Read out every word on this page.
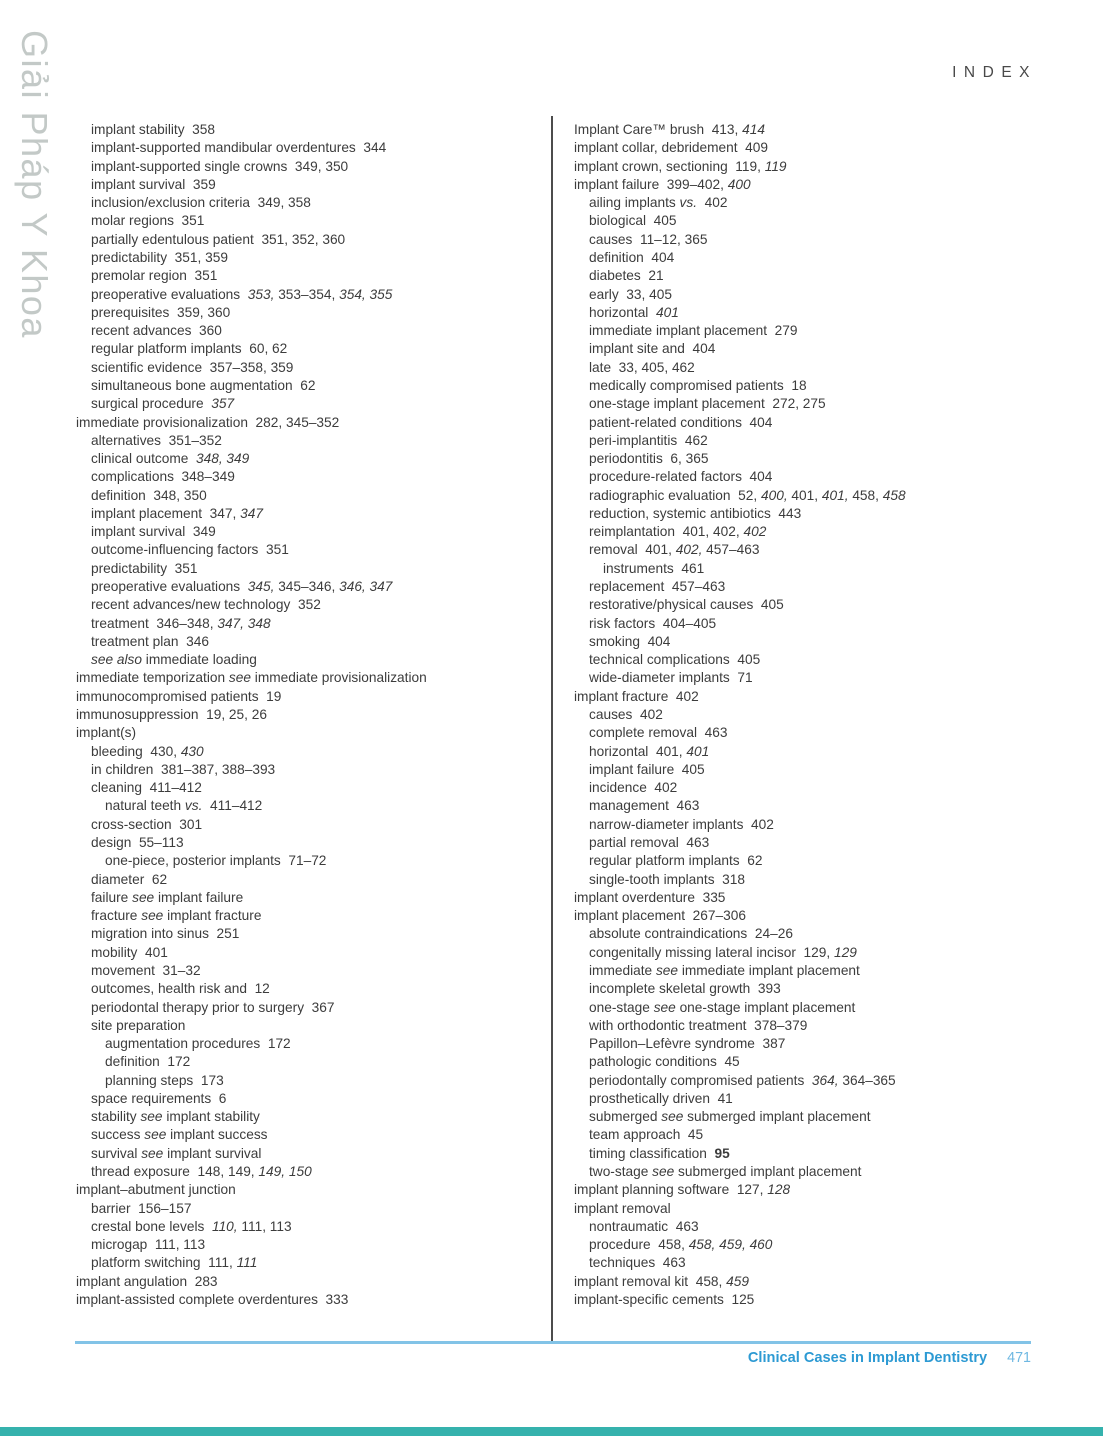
Giải Pháp Y Khoa	INDEX
implant stability  358
implant-supported mandibular overdentures  344
implant-supported single crowns  349, 350
implant survival  359
inclusion/exclusion criteria  349, 358
molar regions  351
partially edentulous patient  351, 352, 360
predictability  351, 359
premolar region  351
preoperative evaluations  353, 353–354, 354, 355
prerequisites  359, 360
recent advances  360
regular platform implants  60, 62
scientific evidence  357–358, 359
simultaneous bone augmentation  62
surgical procedure  357
immediate provisionalization  282, 345–352
alternatives  351–352
clinical outcome  348, 349
complications  348–349
definition  348, 350
implant placement  347, 347
implant survival  349
outcome-influencing factors  351
predictability  351
preoperative evaluations  345, 345–346, 346, 347
recent advances/new technology  352
treatment  346–348, 347, 348
treatment plan  346
see also immediate loading
immediate temporization see immediate provisionalization
immunocompromised patients  19
immunosuppression  19, 25, 26
implant(s)
bleeding  430, 430
in children  381–387, 388–393
cleaning  411–412
natural teeth vs.  411–412
cross-section  301
design  55–113
one-piece, posterior implants  71–72
diameter  62
failure see implant failure
fracture see implant fracture
migration into sinus  251
mobility  401
movement  31–32
outcomes, health risk and  12
periodontal therapy prior to surgery  367
site preparation
augmentation procedures  172
definition  172
planning steps  173
space requirements  6
stability see implant stability
success see implant success
survival see implant survival
thread exposure  148, 149, 149, 150
implant–abutment junction
barrier  156–157
crestal bone levels  110, 111, 113
microgap  111, 113
platform switching  111, 111
implant angulation  283
implant-assisted complete overdentures  333
Implant Care™ brush  413, 414
implant collar, debridement  409
implant crown, sectioning  119, 119
implant failure  399–402, 400
ailing implants vs.  402
biological  405
causes  11–12, 365
definition  404
diabetes  21
early  33, 405
horizontal  401
immediate implant placement  279
implant site and  404
late  33, 405, 462
medically compromised patients  18
one-stage implant placement  272, 275
patient-related conditions  404
peri-implantitis  462
periodontitis  6, 365
procedure-related factors  404
radiographic evaluation  52, 400, 401, 401, 458, 458
reduction, systemic antibiotics  443
reimplantation  401, 402, 402
removal  401, 402, 457–463
instruments  461
replacement  457–463
restorative/physical causes  405
risk factors  404–405
smoking  404
technical complications  405
wide-diameter implants  71
implant fracture  402
causes  402
complete removal  463
horizontal  401, 401
implant failure  405
incidence  402
management  463
narrow-diameter implants  402
partial removal  463
regular platform implants  62
single-tooth implants  318
implant overdenture  335
implant placement  267–306
absolute contraindications  24–26
congenitally missing lateral incisor  129, 129
immediate see immediate implant placement
incomplete skeletal growth  393
one-stage see one-stage implant placement
with orthodontic treatment  378–379
Papillon–Lefèvre syndrome  387
pathologic conditions  45
periodontally compromised patients  364, 364–365
prosthetically driven  41
submerged see submerged implant placement
team approach  45
timing classification  95
two-stage see submerged implant placement
implant planning software  127, 128
implant removal
nontraumatic  463
procedure  458, 458, 459, 460
techniques  463
implant removal kit  458, 459
implant-specific cements  125
Clinical Cases in Implant Dentistry 471
